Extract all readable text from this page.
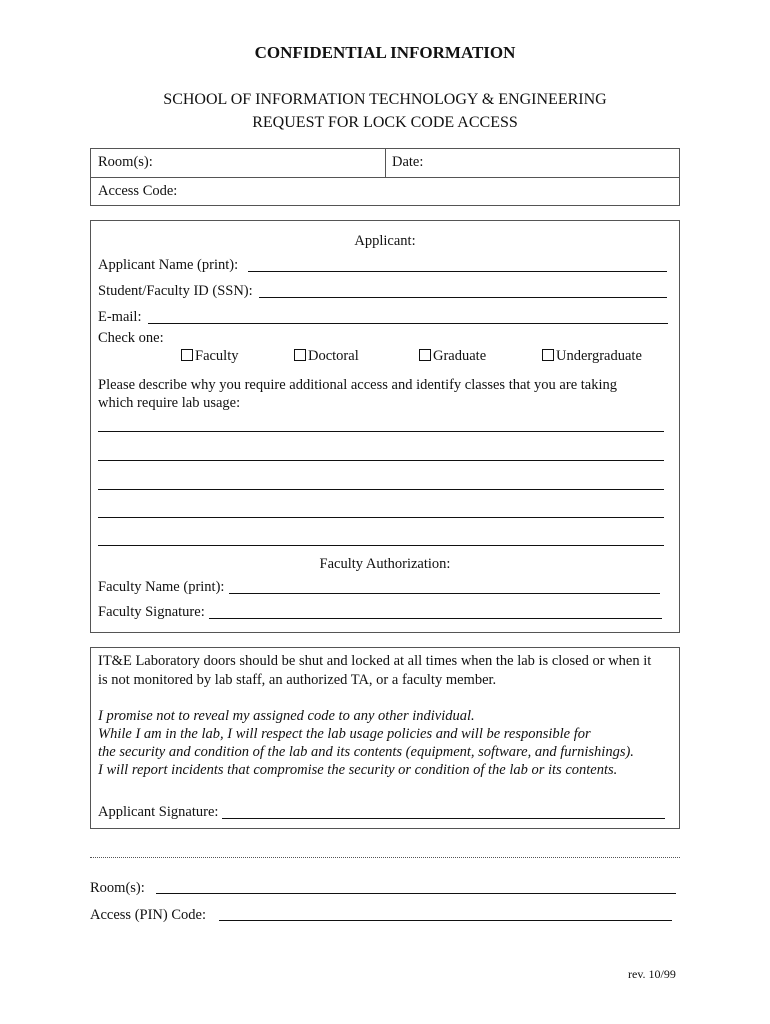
CONFIDENTIAL INFORMATION
SCHOOL OF INFORMATION TECHNOLOGY & ENGINEERING
REQUEST FOR LOCK CODE ACCESS
Room(s):	Date:
Access Code:
Applicant:
Applicant Name (print):
Student/Faculty ID (SSN):
E-mail:
Check one:
Faculty	Doctoral	Graduate	Undergraduate
Please describe why you require additional access and identify classes that you are taking
which require lab usage:
Faculty Authorization:
Faculty Name (print):
Faculty Signature:
IT&E Laboratory doors should be shut and locked at all times when the lab is closed or when it
is not monitored by lab staff, an authorized TA, or a faculty member.
I promise not to reveal my assigned code to any other individual.
While I am in the lab, I will respect the lab usage policies and will be responsible for
the security and condition of the lab and its contents (equipment, software, and furnishings).
I will report incidents that compromise the security or condition of the lab or its contents.
Applicant Signature:
Room(s):
Access (PIN) Code:
rev. 10/99
